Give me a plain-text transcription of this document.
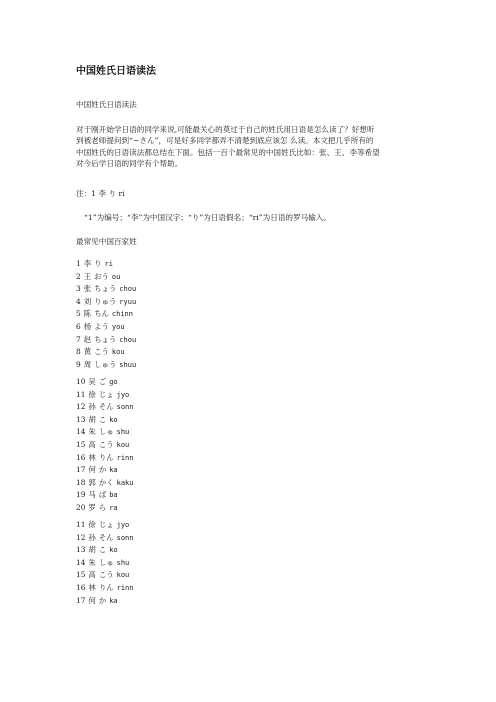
中国姓氏日语读法
中国姓氏日语读法

对于刚开始学日语的同学来说,可能最关心的莫过于自己的姓氏用日语是怎么读了？好想听

到被老师提问到“~さん”，可是好多同学都弄不清楚到底应该怎 么读。本文把几乎所有的

中国姓氏的日语读法都总结在下面。包括一百个最常见的中国姓氏比如：张、王、李等希望

对今后学日语的同学有个帮助。

注：1 李 り ri
“1”为编号；“李”为中国汉字；“り”为日语假名；“ri”为日语的罗马输入。
最常见中国百家姓
1 李 り ri
2 王 おう ou
3 张 ちょう chou
4 刘 りゅう ryuu
5 陈 ちん chinn
6 杨 よう you
7 赵 ちょう chou
8 黄 こう kou
9 周 しゅう shuu
10 吴 ご go
11 徐 じょ jyo
12 孙 そん sonn
13 胡 こ ko
14 朱 しゅ shu
15 高 こう kou
16 林 りん rinn
17 何 か ka
18 郭 かく kaku
19 马 ば ba
20 罗 ら ra
11 徐 じょ jyo
12 孙 そん sonn
13 胡 こ ko
14 朱 しゅ shu
15 高 こう kou
16 林 りん rinn
17 何 か ka
